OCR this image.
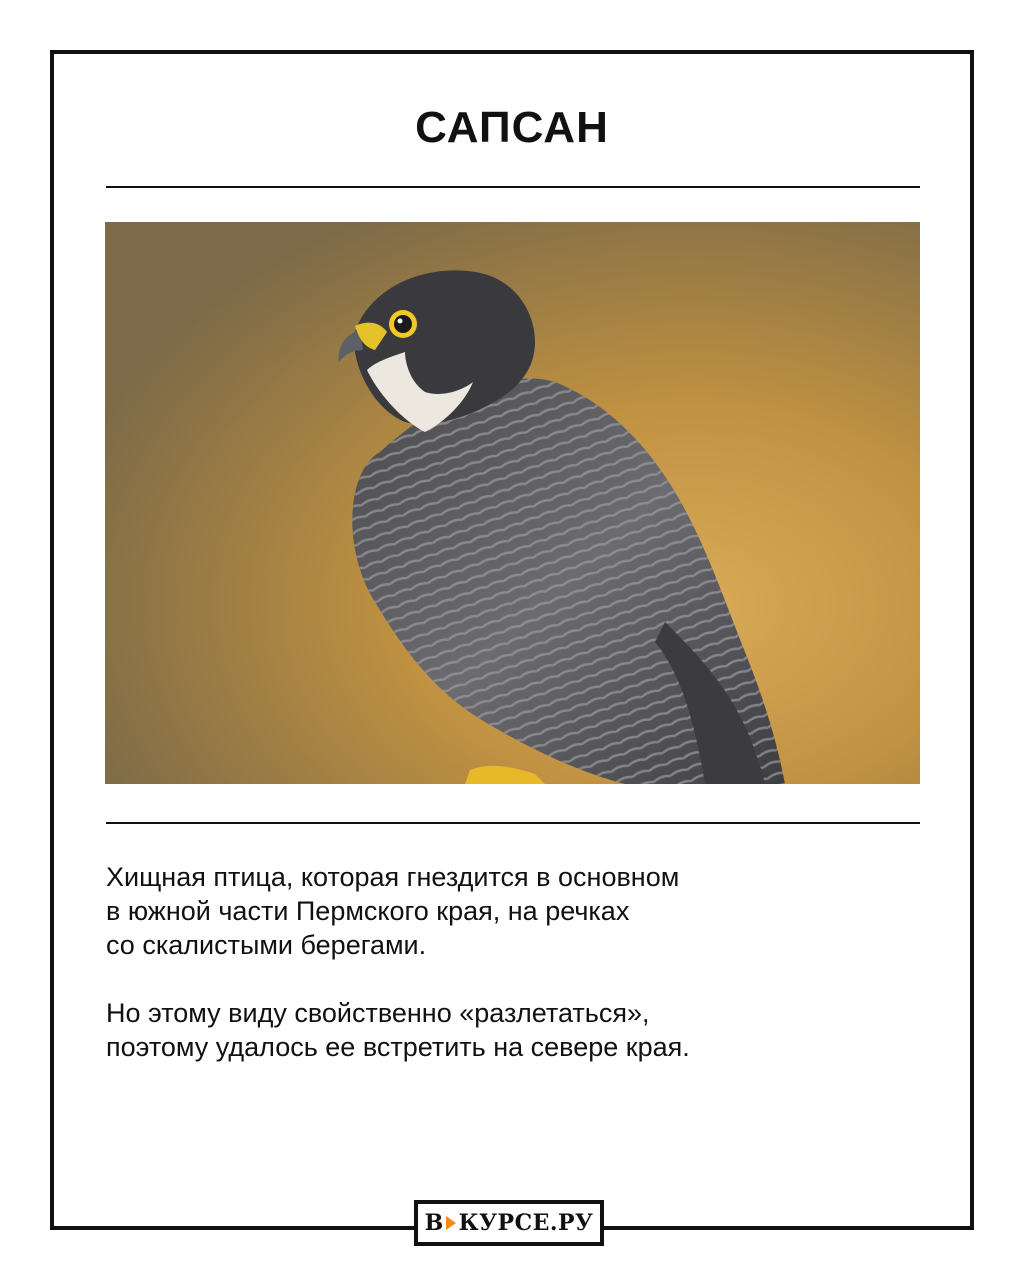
САПСАН

Хищная птица, которая гнездится в основном
в южной части Пермского края, на речках
со скалистыми берегами.

Но этому виду свойственно «разлетаться»,
поэтому удалось ее встретить на севере края.

В КУРСЕ.РУ
